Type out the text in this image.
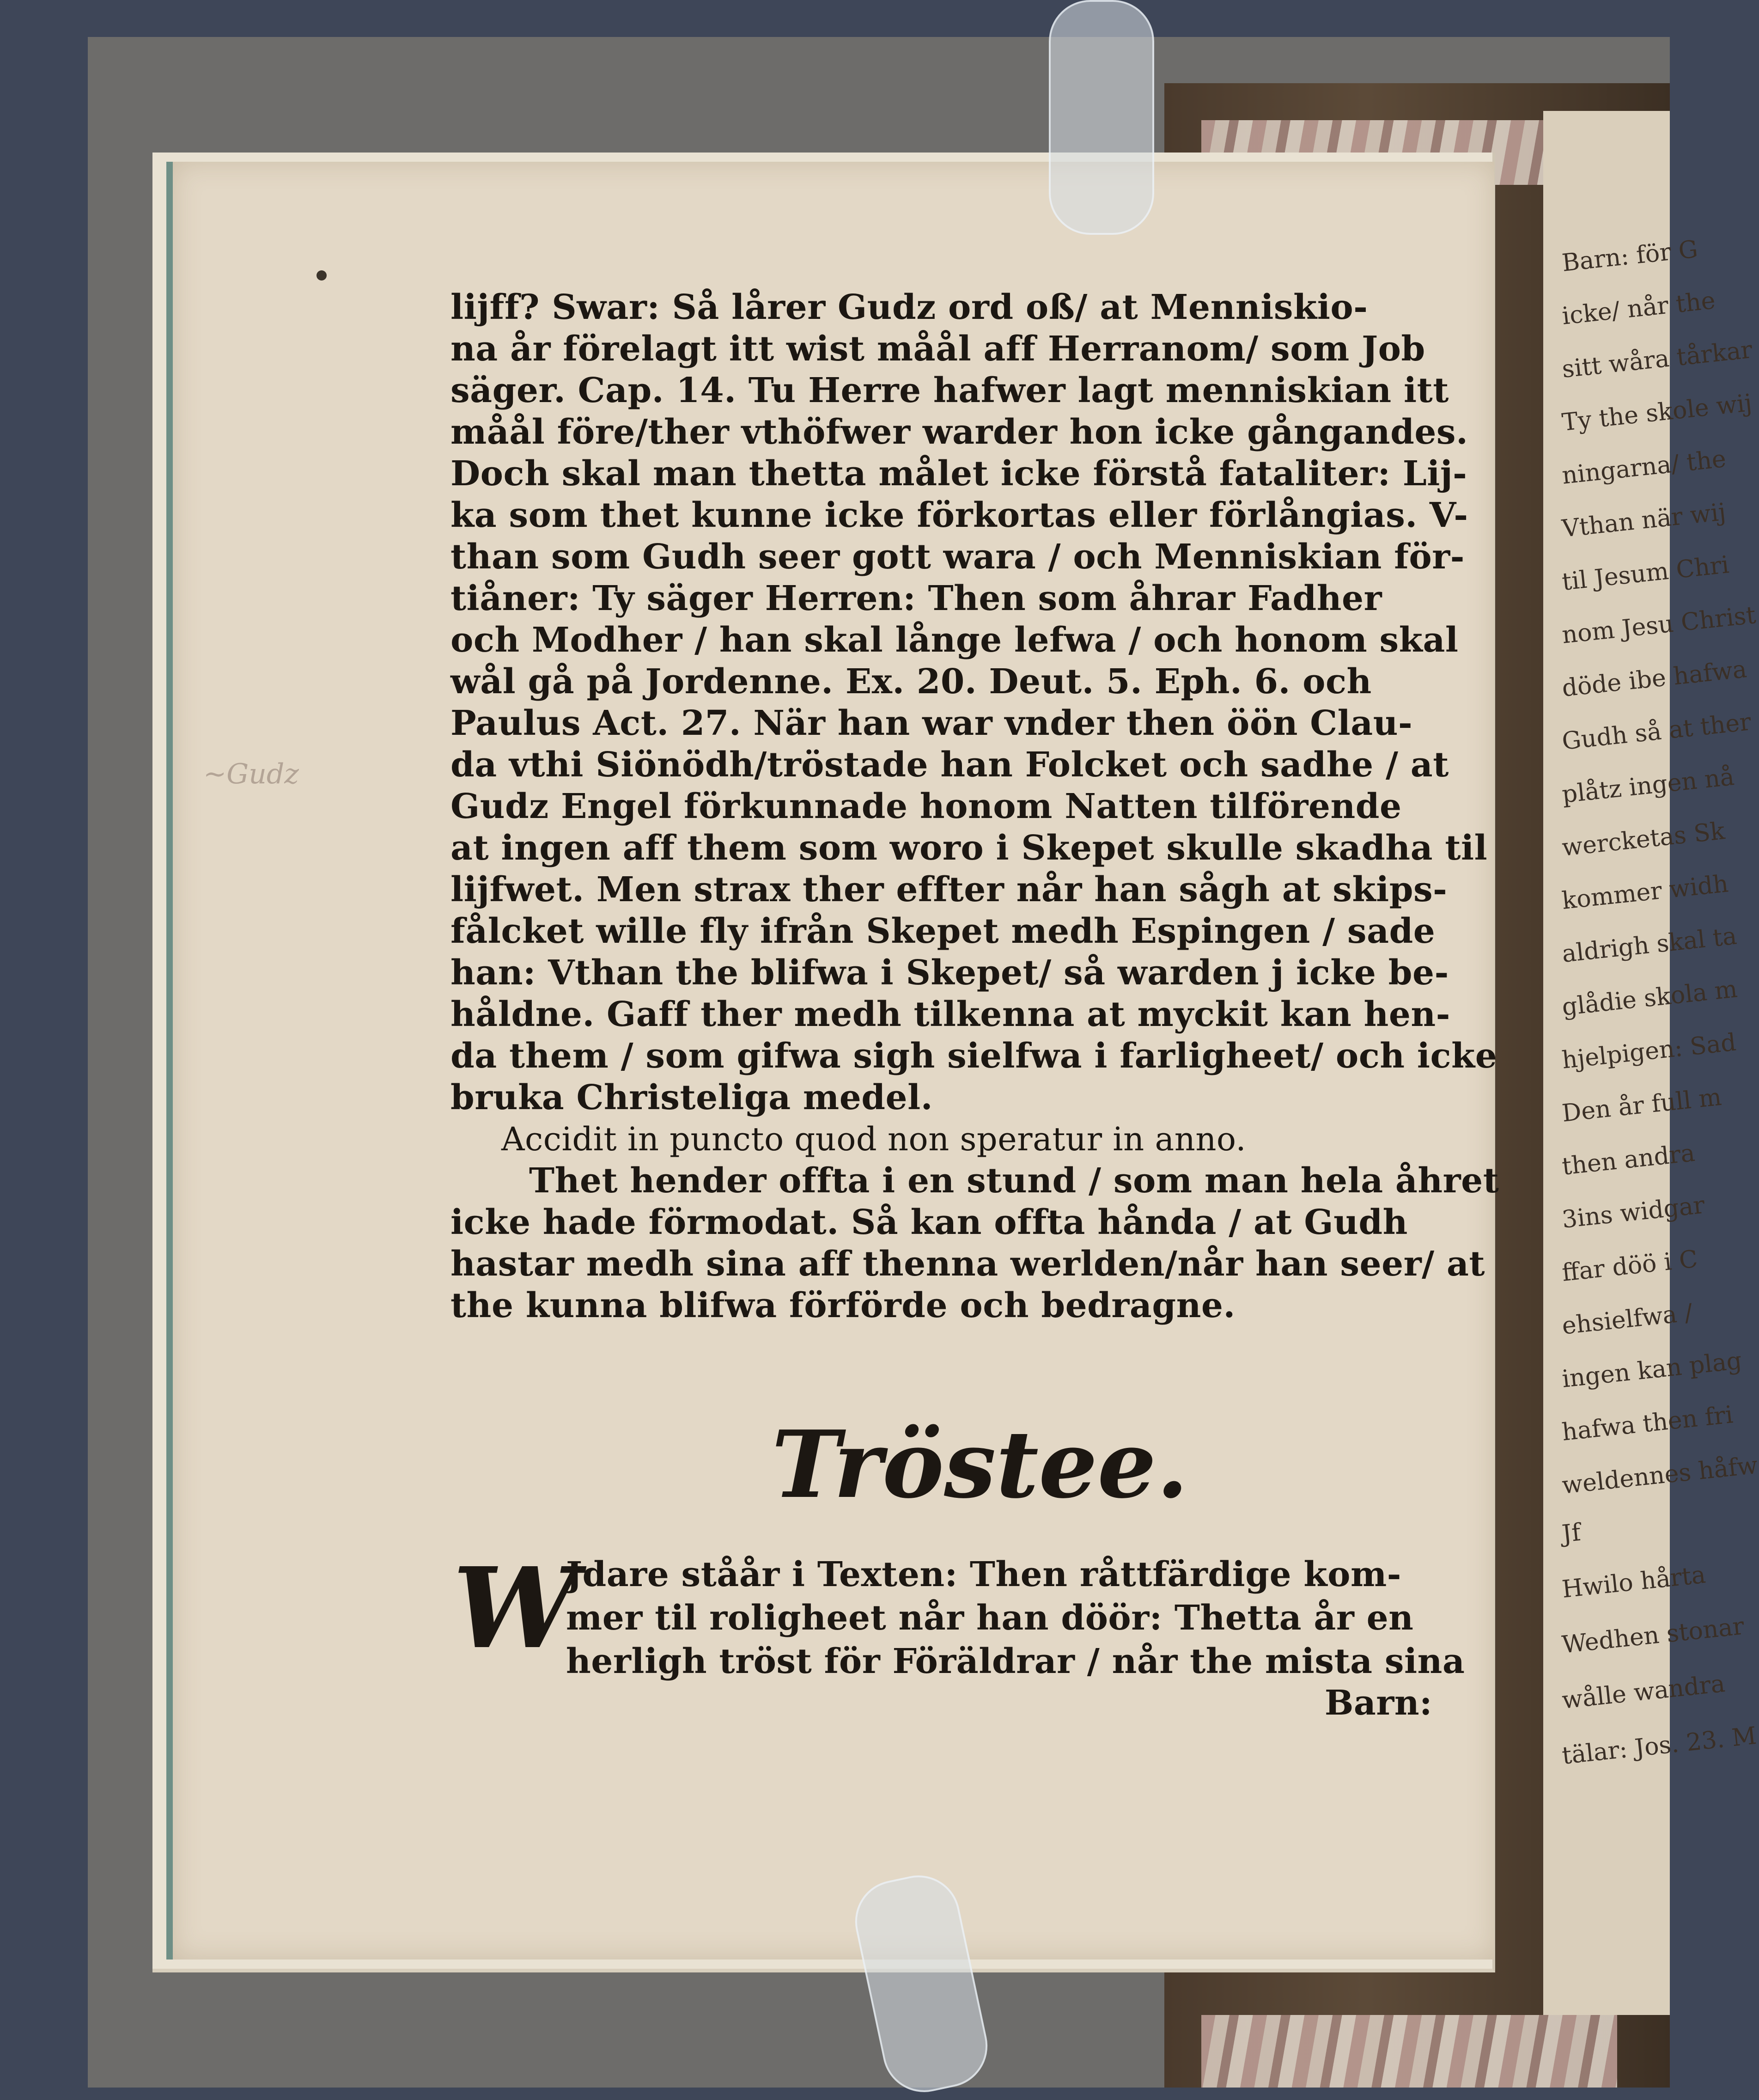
Barn: för G
icke/ når the
sitt wåra tårkar
Ty the skole wij
ningarna/ the
Vthan när wij
til Jesum Chri
nom Jesu Christ
döde ibe hafwa
Gudh så at ther
plåtz ingen nå
wercketas Sk
kommer widh
aldrigh skal ta
glådie skola m
hjelpigen: Sad
Den år full m
then andra
3ins widgar
ffar döö i C
ehsielfwa /
ingen kan plag
hafwa then fri
weldennes håfw
Jf
Hwilo hårta
Wedhen stonar
wålle wandra
tälar: Jos. 23. M
~Gudz
lijff? Swar: Så lårer Gudz ord oß/ at Menniskio-
na år förelagt itt wist måål aff Herranom/ som Job
säger. Cap. 14. Tu Herre hafwer lagt menniskian itt
måål före/ther vthöfwer warder hon icke gångandes.
Doch skal man thetta målet icke förstå fataliter: Lij-
ka som thet kunne icke förkortas eller förlångias. V-
than som Gudh seer gott wara / och Menniskian för-
tiåner: Ty säger Herren: Then som åhrar Fadher
och Modher / han skal långe lefwa / och honom skal
wål gå på Jordenne. Ex. 20. Deut. 5. Eph. 6. och
Paulus Act. 27. När han war vnder then öön Clau-
da vthi Siönödh/tröstade han Folcket och sadhe / at
Gudz Engel förkunnade honom Natten tilförende
at ingen aff them som woro i Skepet skulle skadha til
lijfwet. Men strax ther effter når han sågh at skips-
fålcket wille fly ifrån Skepet medh Espingen / sade
han: Vthan the blifwa i Skepet/ så warden j icke be-
håldne. Gaff ther medh tilkenna at myckit kan hen-
da them / som gifwa sigh sielfwa i farligheet/ och icke
bruka Christeliga medel.
Accidit in puncto quod non speratur in anno.
Thet hender offta i en stund / som man hela åhret
icke hade förmodat. Så kan offta hånda / at Gudh
hastar medh sina aff thenna werlden/når han seer/ at
the kunna blifwa förförde och bedragne.
Tröstee.
W
Jdare ståår i Texten: Then råttfärdige kom-
mer til roligheet når han döör: Thetta år en
herligh tröst för Föräldrar / når the mista sina
Barn:
